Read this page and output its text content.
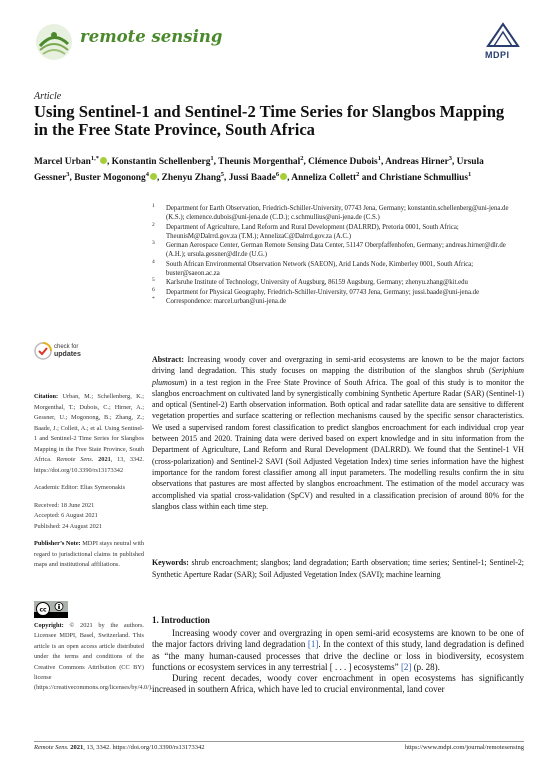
remote sensing
MDPI
Article
Using Sentinel-1 and Sentinel-2 Time Series for Slangbos Mapping in the Free State Province, South Africa
Marcel Urban$^{1,*}$ , Konstantin Schellenberg$^1$, Theunis Morgenthal$^2$, Clémence Dubois$^1$, Andreas Hirner$^3$, Ursula Gessner$^3$, Buster Mogonong$^4$ , Zhenyu Zhang$^5$, Jussi Baade$^6$ , Anneliza Collett$^2$ and Christiane Schmullius$^1$
1 Department for Earth Observation, Friedrich-Schiller-University, 07743 Jena, Germany; konstantin.schellenberg@uni-jena.de (K.S.); clemence.dubois@uni-jena.de (C.D.); c.schmullius@uni-jena.de (C.S.)
2 Department of Agriculture, Land Reform and Rural Development (DALRRD), Pretoria 0001, South Africa; TheunisM@Dalrrd.gov.za (T.M.); AnnelizaC@Dalrrd.gov.za (A.C.)
3 German Aerospace Center, German Remote Sensing Data Center, 51147 Oberpfaffenhofen, Germany; andreas.hirner@dlr.de (A.H.); ursula.gessner@dlr.de (U.G.)
4 South African Environmental Observation Network (SAEON), Arid Lands Node, Kimberley 0001, South Africa; buster@saeon.ac.za
5 Karlsruhe Institute of Technology, University of Augsburg, 86159 Augsburg, Germany; zhenyu.zhang@kit.edu
6 Department for Physical Geography, Friedrich-Schiller-University, 07743 Jena, Germany; jussi.baade@uni-jena.de
* Correspondence: marcel.urban@uni-jena.de
check for
updates

Citation: Urban, M.; Schellenberg, K.; Morgenthal, T.; Dubois, C.; Hirner, A.; Gessner, U.; Mogonong, B.; Zhang, Z.; Baade, J.; Collett, A.; et al. Using Sentinel-1 and Sentinel-2 Time Series for Slangbos Mapping in the Free State Province, South Africa. Remote Sens. 2021, 13, 3342. https://doi.org/10.3390/rs13173342

Academic Editor: Elias Symeonakis

Received: 18 June 2021

Accepted: 6 August 2021

Published: 24 August 2021

Publisher’s Note: MDPI stays neutral with regard to jurisdictional claims in published maps and institutional affiliations.

cc
Copyright: © 2021 by the authors. Licensee MDPI, Basel, Switzerland. This article is an open access article distributed under the terms and conditions of the Creative Commons Attribution (CC BY) license (https://creativecommons.org/licenses/by/4.0/).
Abstract: Increasing woody cover and overgrazing in semi-arid ecosystems are known to be the major factors driving land degradation. This study focuses on mapping the distribution of the slangbos shrub (Seriphium plumosum) in a test region in the Free State Province of South Africa. The goal of this study is to monitor the slangbos encroachment on cultivated land by synergistically combining Synthetic Aperture Radar (SAR) (Sentinel-1) and optical (Sentinel-2) Earth observation information. Both optical and radar satellite data are sensitive to different vegetation properties and surface scattering or reflection mechanisms caused by the specific sensor characteristics. We used a supervised random forest classification to predict slangbos encroachment for each individual crop year between 2015 and 2020. Training data were derived based on expert knowledge and in situ information from the Department of Agriculture, Land Reform and Rural Development (DALRRD). We found that the Sentinel-1 VH (cross-polarization) and Sentinel-2 SAVI (Soil Adjusted Vegetation Index) time series information have the highest importance for the random forest classifier among all input parameters. The modelling results confirm the in situ observations that pastures are most affected by slangbos encroachment. The estimation of the model accuracy was accomplished via spatial cross-validation (SpCV) and resulted in a classification precision of around 80% for the slangbos class within each time step.
Keywords: shrub encroachment; slangbos; land degradation; Earth observation; time series; Sentinel-1; Sentinel-2; Synthetic Aperture Radar (SAR); Soil Adjusted Vegetation Index (SAVI); machine learning
1. Introduction

Increasing woody cover and overgrazing in open semi-arid ecosystems are known to be one of the major factors driving land degradation [1]. In the context of this study, land degradation is defined as “the many human-caused processes that drive the decline or loss in biodiversity, ecosystem functions or ecosystem services in any terrestrial [ . . . ] ecosystems” [2] (p. 28).

During recent decades, woody cover encroachment in open ecosystems has significantly increased in southern Africa, which have led to crucial environmental, land cover

Remote Sens. 2021, 13, 3342. https://doi.org/10.3390/rs13173342	https://www.mdpi.com/journal/remotesensing
